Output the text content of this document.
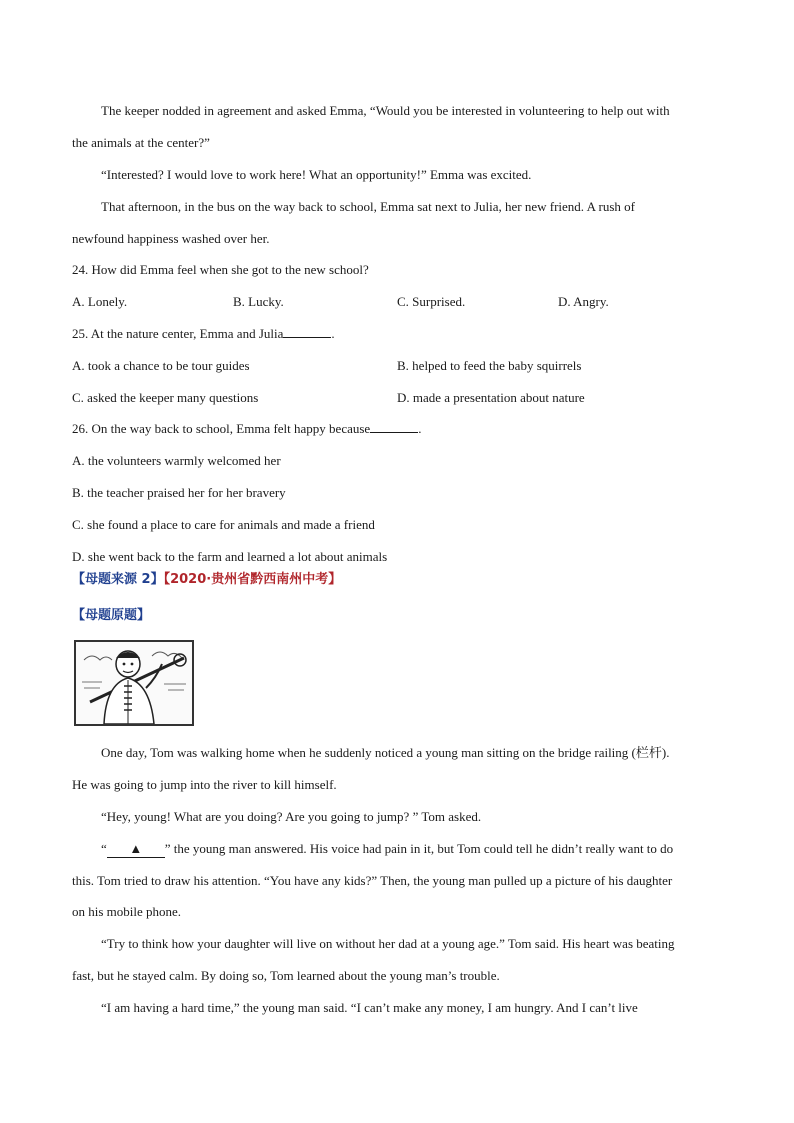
The keeper nodded in agreement and asked Emma, “Would you be interested in volunteering to help out with
the animals at the center?”
“Interested? I would love to work here! What an opportunity!” Emma was excited.
That afternoon, in the bus on the way back to school, Emma sat next to Julia, her new friend. A rush of
newfound happiness washed over her.
24. How did Emma feel when she got to the new school?
A. Lonely.	B. Lucky.	C. Surprised.	D. Angry.
25. At the nature center, Emma and Julia	.
A. took a chance to be tour guides	B. helped to feed the baby squirrels
C. asked the keeper many questions	D. made a presentation about nature
26. On the way back to school, Emma felt happy because	.
A. the volunteers warmly welcomed her
B. the teacher praised her for her bravery
C. she found a place to care for animals and made a friend
D. she went back to the farm and learned a lot about animals
【母题来源 2】【2020·贵州省黔西南州中考】
【母题原题】
One day, Tom was walking home when he suddenly noticed a young man sitting on the bridge railing (栏杆).
He was going to jump into the river to kill himself.
“Hey, young! What are you doing? Are you going to jump? ” Tom asked.
“ ▲ ” the young man answered. His voice had pain in it, but Tom could tell he didn’t really want to do
this. Tom tried to draw his attention. “You have any kids?” Then, the young man pulled up a picture of his daughter
on his mobile phone.
“Try to think how your daughter will live on without her dad at a young age.” Tom said. His heart was beating
fast, but he stayed calm. By doing so, Tom learned about the young man’s trouble.
“I am having a hard time,” the young man said. “I can’t make any money, I am hungry. And I can’t live
